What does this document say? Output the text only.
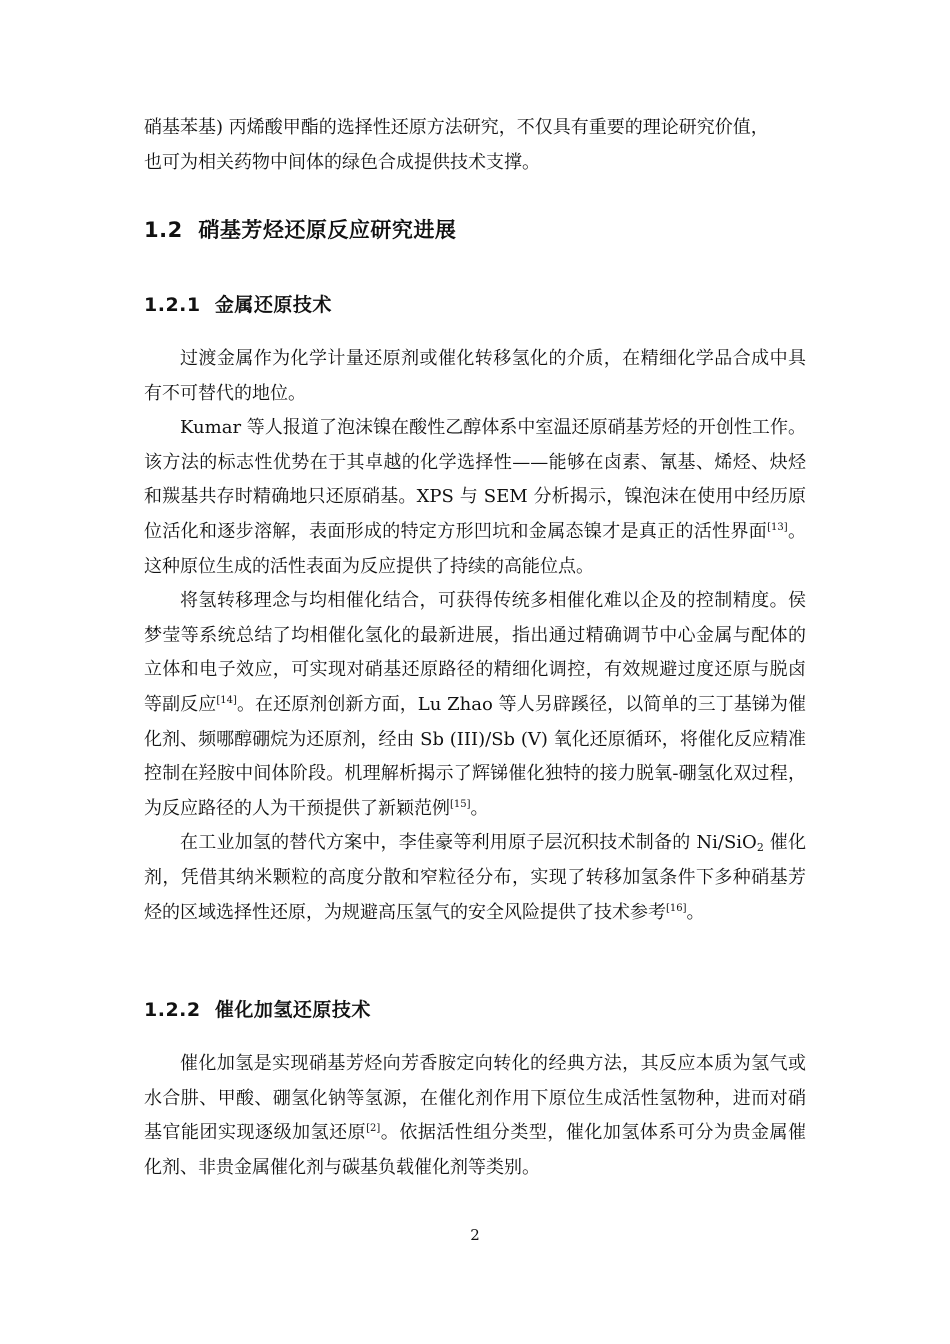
硝基苯基) 丙烯酸甲酯的选择性还原方法研究，不仅具有重要的理论研究价值，
也可为相关药物中间体的绿色合成提供技术支撑。
1.2 硝基芳烃还原反应研究进展
1.2.1 金属还原技术

过渡金属作为化学计量还原剂或催化转移氢化的介质，在精细化学品合成中具有不可替代的地位。

Kumar 等人报道了泡沫镍在酸性乙醇体系中室温还原硝基芳烃的开创性工作。该方法的标志性优势在于其卓越的化学选择性——能够在卤素、氰基、烯烃、炔烃和羰基共存时精确地只还原硝基。XPS 与 SEM 分析揭示，镍泡沫在使用中经历原位活化和逐步溶解，表面形成的特定方形凹坑和金属态镍才是真正的活性界面[13]。这种原位生成的活性表面为反应提供了持续的高能位点。

将氢转移理念与均相催化结合，可获得传统多相催化难以企及的控制精度。侯梦莹等系统总结了均相催化氢化的最新进展，指出通过精确调节中心金属与配体的立体和电子效应，可实现对硝基还原路径的精细化调控，有效规避过度还原与脱卤等副反应[14]。在还原剂创新方面，Lu Zhao 等人另辟蹊径，以简单的三丁基锑为催化剂、频哪醇硼烷为还原剂，经由 Sb (III)/Sb (V) 氧化还原循环，将催化反应精准控制在羟胺中间体阶段。机理解析揭示了辉锑催化独特的接力脱氧-硼氢化双过程，为反应路径的人为干预提供了新颖范例[15]。

在工业加氢的替代方案中，李佳豪等利用原子层沉积技术制备的 Ni/SiO$_2$ 催化剂，凭借其纳米颗粒的高度分散和窄粒径分布，实现了转移加氢条件下多种硝基芳烃的区域选择性还原，为规避高压氢气的安全风险提供了技术参考[16]。

1.2.2 催化加氢还原技术

催化加氢是实现硝基芳烃向芳香胺定向转化的经典方法，其反应本质为氢气或水合肼、甲酸、硼氢化钠等氢源，在催化剂作用下原位生成活性氢物种，进而对硝基官能团实现逐级加氢还原[2]。依据活性组分类型，催化加氢体系可分为贵金属催化剂、非贵金属催化剂与碳基负载催化剂等类别。

2
